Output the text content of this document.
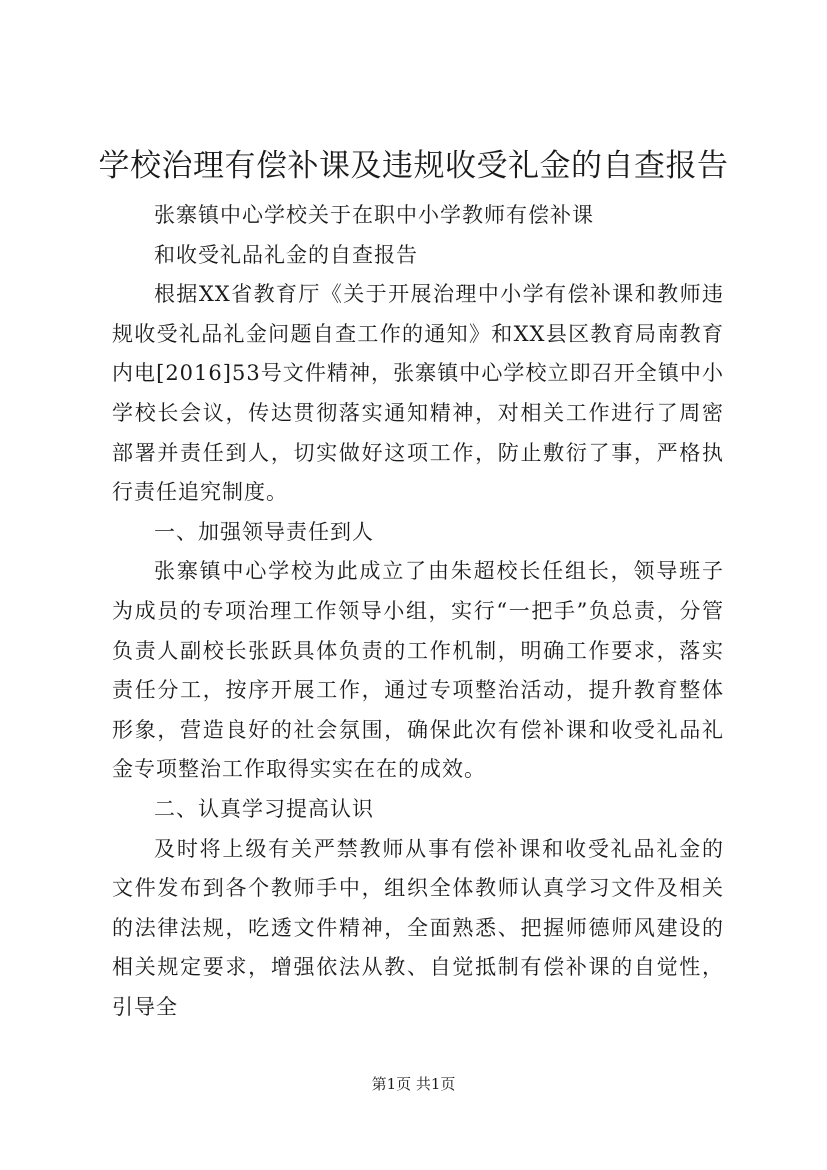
学校治理有偿补课及违规收受礼金的自查报告

张寨镇中心学校关于在职中小学教师有偿补课

和收受礼品礼金的自查报告

根据XX省教育厅《关于开展治理中小学有偿补课和教师违规收受礼品礼金问题自查工作的通知》和XX县区教育局南教育内电[2016]53号文件精神，张寨镇中心学校立即召开全镇中小学校长会议，传达贯彻落实通知精神，对相关工作进行了周密部署并责任到人，切实做好这项工作，防止敷衍了事，严格执行责任追究制度。

一、加强领导责任到人

张寨镇中心学校为此成立了由朱超校长任组长，领导班子为成员的专项治理工作领导小组，实行“一把手”负总责，分管负责人副校长张跃具体负责的工作机制，明确工作要求，落实责任分工，按序开展工作，通过专项整治活动，提升教育整体形象，营造良好的社会氛围，确保此次有偿补课和收受礼品礼金专项整治工作取得实实在在的成效。

二、认真学习提高认识

及时将上级有关严禁教师从事有偿补课和收受礼品礼金的文件发布到各个教师手中，组织全体教师认真学习文件及相关的法律法规，吃透文件精神，全面熟悉、把握师德师风建设的相关规定要求，增强依法从教、自觉抵制有偿补课的自觉性，引导全

第1页 共1页
